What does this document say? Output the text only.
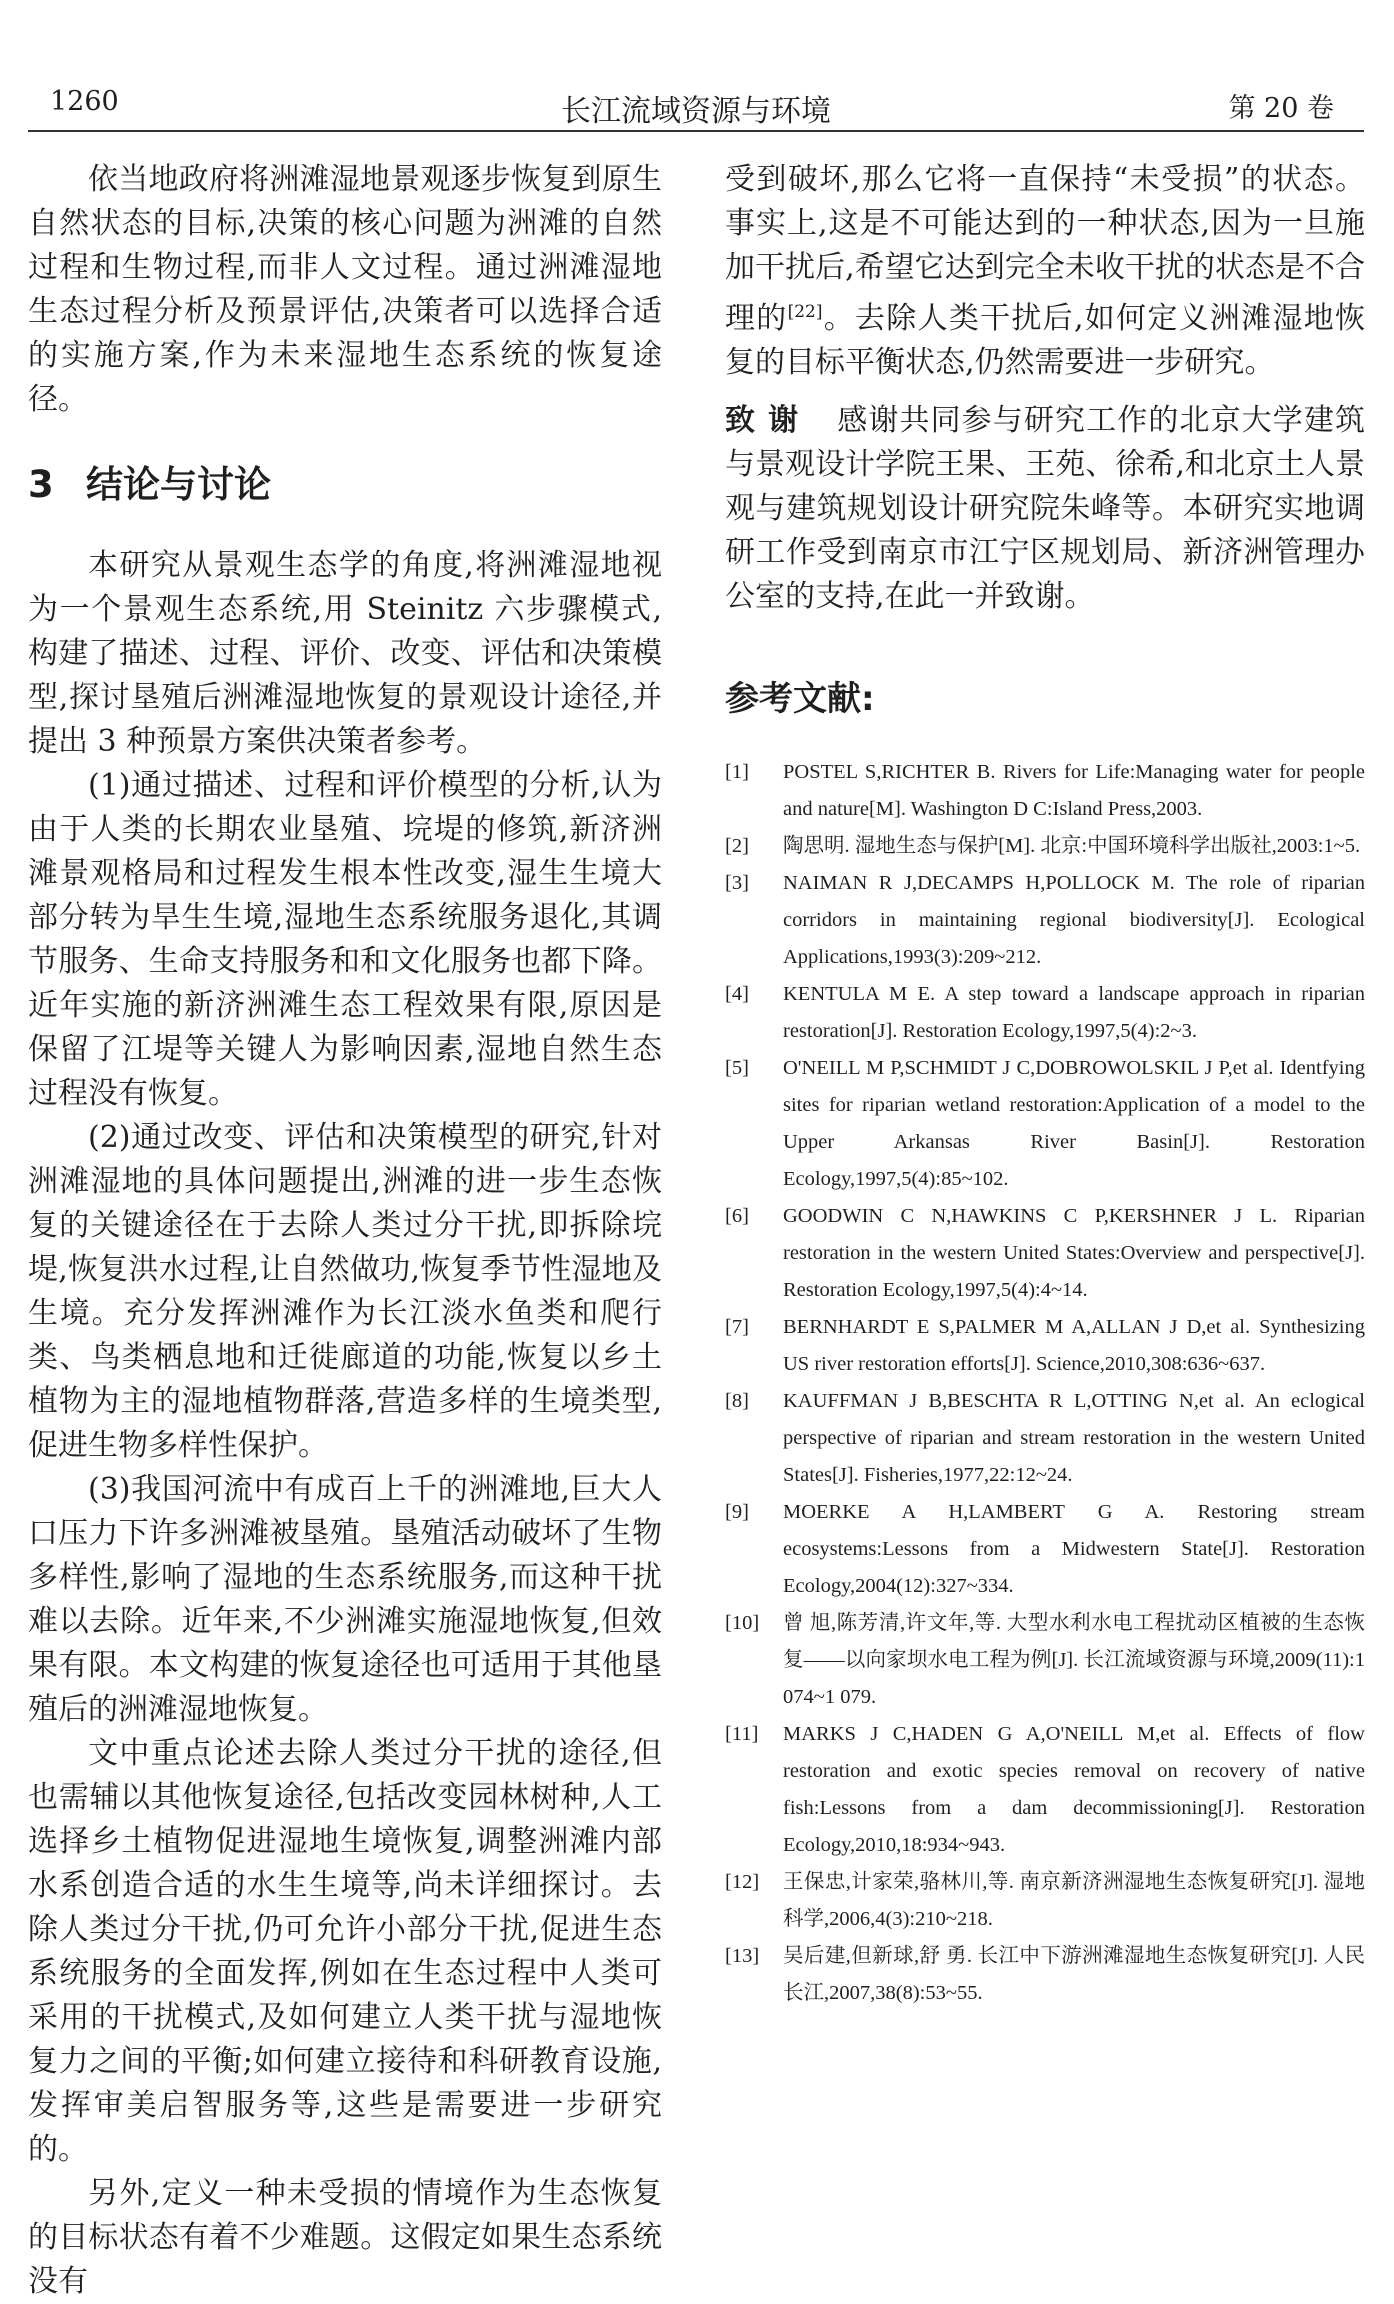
1260	长江流域资源与环境	第 20 卷

依当地政府将洲滩湿地景观逐步恢复到原生自然状态的目标,决策的核心问题为洲滩的自然过程和生物过程,而非人文过程。通过洲滩湿地生态过程分析及预景评估,决策者可以选择合适的实施方案,作为未来湿地生态系统的恢复途径。

3 结论与讨论

本研究从景观生态学的角度,将洲滩湿地视为一个景观生态系统,用 Steinitz 六步骤模式,构建了描述、过程、评价、改变、评估和决策模型,探讨垦殖后洲滩湿地恢复的景观设计途径,并提出 3 种预景方案供决策者参考。

(1)通过描述、过程和评价模型的分析,认为由于人类的长期农业垦殖、垸堤的修筑,新济洲滩景观格局和过程发生根本性改变,湿生生境大部分转为旱生生境,湿地生态系统服务退化,其调节服务、生命支持服务和和文化服务也都下降。近年实施的新济洲滩生态工程效果有限,原因是保留了江堤等关键人为影响因素,湿地自然生态过程没有恢复。

(2)通过改变、评估和决策模型的研究,针对洲滩湿地的具体问题提出,洲滩的进一步生态恢复的关键途径在于去除人类过分干扰,即拆除垸堤,恢复洪水过程,让自然做功,恢复季节性湿地及生境。充分发挥洲滩作为长江淡水鱼类和爬行类、鸟类栖息地和迁徙廊道的功能,恢复以乡土植物为主的湿地植物群落,营造多样的生境类型,促进生物多样性保护。

(3)我国河流中有成百上千的洲滩地,巨大人口压力下许多洲滩被垦殖。垦殖活动破坏了生物多样性,影响了湿地的生态系统服务,而这种干扰难以去除。近年来,不少洲滩实施湿地恢复,但效果有限。本文构建的恢复途径也可适用于其他垦殖后的洲滩湿地恢复。

文中重点论述去除人类过分干扰的途径,但也需辅以其他恢复途径,包括改变园林树种,人工选择乡土植物促进湿地生境恢复,调整洲滩内部水系创造合适的水生生境等,尚未详细探讨。去除人类过分干扰,仍可允许小部分干扰,促进生态系统服务的全面发挥,例如在生态过程中人类可采用的干扰模式,及如何建立人类干扰与湿地恢复力之间的平衡;如何建立接待和科研教育设施,发挥审美启智服务等,这些是需要进一步研究的。

另外,定义一种未受损的情境作为生态恢复的目标状态有着不少难题。这假定如果生态系统没有

受到破坏,那么它将一直保持“未受损”的状态。事实上,这是不可能达到的一种状态,因为一旦施加干扰后,希望它达到完全未收干扰的状态是不合理的[22]。去除人类干扰后,如何定义洲滩湿地恢复的目标平衡状态,仍然需要进一步研究。

致谢 感谢共同参与研究工作的北京大学建筑与景观设计学院王果、王苑、徐希,和北京土人景观与建筑规划设计研究院朱峰等。本研究实地调研工作受到南京市江宁区规划局、新济洲管理办公室的支持,在此一并致谢。

参考文献:
[1] POSTEL S,RICHTER B. Rivers for Life:Managing water for people and nature[M]. Washington D C:Island Press,2003.
[2] 陶思明. 湿地生态与保护[M]. 北京:中国环境科学出版社,2003:1~5.
[3] NAIMAN R J,DECAMPS H,POLLOCK M. The role of riparian corridors in maintaining regional biodiversity[J]. Ecological Applications,1993(3):209~212.
[4] KENTULA M E. A step toward a landscape approach in riparian restoration[J]. Restoration Ecology,1997,5(4):2~3.
[5] O'NEILL M P,SCHMIDT J C,DOBROWOLSKIL J P,et al. Identfying sites for riparian wetland restoration:Application of a model to the Upper Arkansas River Basin[J]. Restoration Ecology,1997,5(4):85~102.
[6] GOODWIN C N,HAWKINS C P,KERSHNER J L. Riparian restoration in the western United States:Overview and perspective[J]. Restoration Ecology,1997,5(4):4~14.
[7] BERNHARDT E S,PALMER M A,ALLAN J D,et al. Synthesizing US river restoration efforts[J]. Science,2010,308:636~637.
[8] KAUFFMAN J B,BESCHTA R L,OTTING N,et al. An eclogical perspective of riparian and stream restoration in the western United States[J]. Fisheries,1977,22:12~24.
[9] MOERKE A H,LAMBERT G A. Restoring stream ecosystems:Lessons from a Midwestern State[J]. Restoration Ecology,2004(12):327~334.
[10] 曾 旭,陈芳清,许文年,等. 大型水利水电工程扰动区植被的生态恢复——以向家坝水电工程为例[J]. 长江流域资源与环境,2009(11):1 074~1 079.
[11] MARKS J C,HADEN G A,O'NEILL M,et al. Effects of flow restoration and exotic species removal on recovery of native fish:Lessons from a dam decommissioning[J]. Restoration Ecology,2010,18:934~943.
[12] 王保忠,计家荣,骆林川,等. 南京新济洲湿地生态恢复研究[J]. 湿地科学,2006,4(3):210~218.
[13] 吴后建,但新球,舒 勇. 长江中下游洲滩湿地生态恢复研究[J]. 人民长江,2007,38(8):53~55.
